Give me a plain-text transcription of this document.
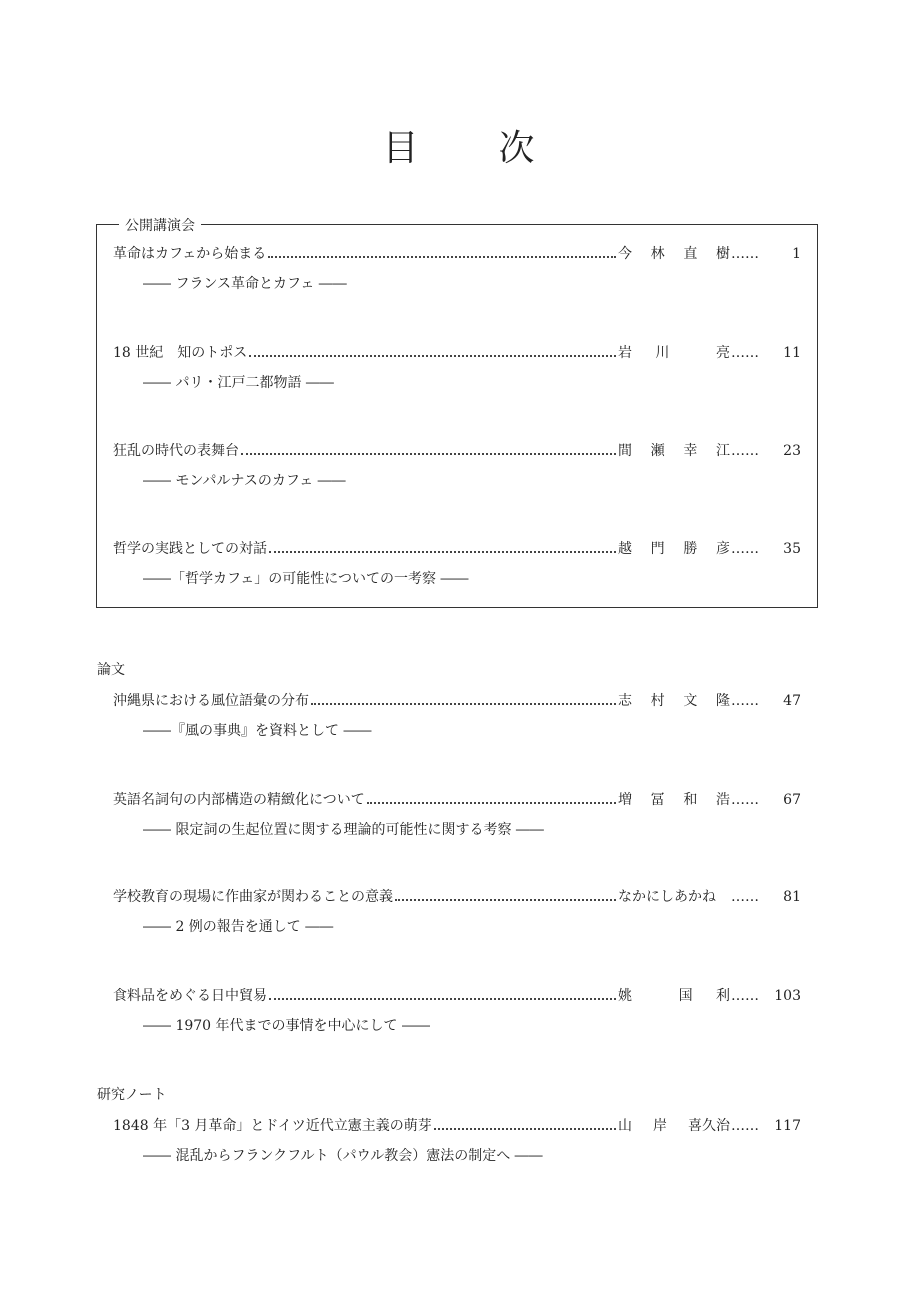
目次
公開講演会
論文
研究ノート
革命はカフェから始まる	今 林 直 樹 ……	1
―― フランス革命とカフェ ――
18 世紀　知のトポス	岩 川	亮 ……	11
―― パリ・江戸二都物語 ――
狂乱の時代の表舞台	間 瀬 幸 江 ……	23
―― モンパルナスのカフェ ――
哲学の実践としての対話	越 門 勝 彦 ……	35
――「哲学カフェ」の可能性についての一考察 ――
沖縄県における風位語彙の分布	志 村 文 隆 ……	47
――『風の事典』を資料として ――
英語名詞句の内部構造の精緻化について	増 冨 和 浩 ……	67
―― 限定詞の生起位置に関する理論的可能性に関する考察 ――
学校教育の現場に作曲家が関わることの意義	なかにしあかね ……	81
―― 2 例の報告を通して ――
食料品をめぐる日中貿易	姚	国 利 ……	103
―― 1970 年代までの事情を中心にして ――
1848 年「3 月革命」とドイツ近代立憲主義の萌芽	山 岸 喜久治 ……	117
―― 混乱からフランクフルト（パウル教会）憲法の制定へ ――
